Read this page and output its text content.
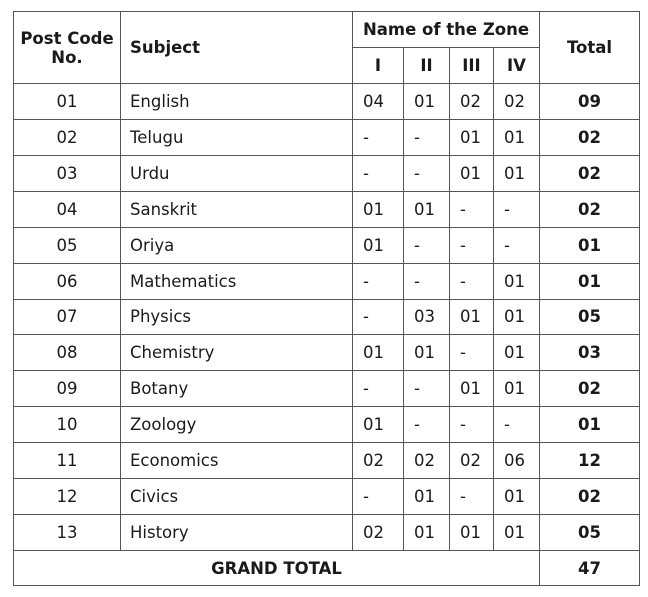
Post Code No.	Subject	Name of the Zone				Total
		I	II	III	IV	
01	English	04	01	02	02	09
02	Telugu	-	-	01	01	02
03	Urdu	-	-	01	01	02
04	Sanskrit	01	01	-	-	02
05	Oriya	01	-	-	-	01
06	Mathematics	-	-	-	01	01
07	Physics	-	03	01	01	05
08	Chemistry	01	01	-	01	03
09	Botany	-	-	01	01	02
10	Zoology	01	-	-	-	01
11	Economics	02	02	02	06	12
12	Civics	-	01	-	01	02
13	History	02	01	01	01	05
GRAND TOTAL						47
